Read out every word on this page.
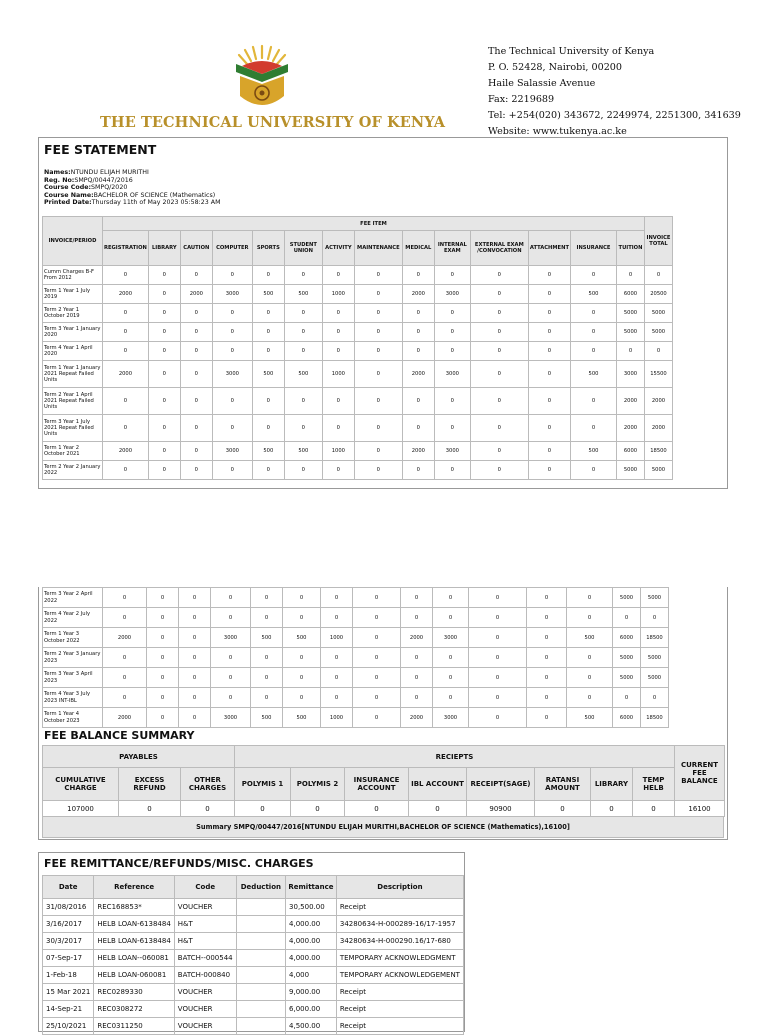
THE TECHNICAL UNIVERSITY OF KENYA
The Technical University of Kenya
P. O. 52428, Nairobi, 00200
Haile Salassie Avenue
Fax: 2219689
Tel: +254(020) 343672, 2249974, 2251300, 341639
Website: www.tukenya.ac.ke
FEE STATEMENT
Names:NTUNDU ELIJAH MURITHI
Reg. No:SMPQ/00447/2016
Course Code:SMPQ/2020
Course Name:BACHELOR OF SCIENCE (Mathematics)
Printed Date:Thursday 11th of May 2023 05:58:23 AM
INVOICE/PERIOD	FEE ITEM														INVOICE TOTAL
	REGISTRATION	LIBRARY	CAUTION	COMPUTER	SPORTS	STUDENT UNION	ACTIVITY	MAINTENANCE	MEDICAL	INTERNAL EXAM	EXTERNAL EXAM /CONVOCATION	ATTACHMENT	INSURANCE	TUITION	
Cumm Charges B-F From 2012	0	0	0	0	0	0	0	0	0	0	0	0	0	0	0
Term 1 Year 1 July 2019	2000	0	2000	3000	500	500	1000	0	2000	3000	0	0	500	6000	20500
Term 2 Year 1 October 2019	0	0	0	0	0	0	0	0	0	0	0	0	0	5000	5000
Term 3 Year 1 January 2020	0	0	0	0	0	0	0	0	0	0	0	0	0	5000	5000
Term 4 Year 1 April 2020	0	0	0	0	0	0	0	0	0	0	0	0	0	0	0
Term 1 Year 1 January 2021 Repeat Failed Units	2000	0	0	3000	500	500	1000	0	2000	3000	0	0	500	3000	15500
Term 2 Year 1 April 2021 Repeat Failed Units	0	0	0	0	0	0	0	0	0	0	0	0	0	2000	2000
Term 3 Year 1 July 2021 Repeat Failed Units	0	0	0	0	0	0	0	0	0	0	0	0	0	2000	2000
Term 1 Year 2 October 2021	2000	0	0	3000	500	500	1000	0	2000	3000	0	0	500	6000	18500
Term 2 Year 2 January 2022	0	0	0	0	0	0	0	0	0	0	0	0	0	5000	5000
Term 3 Year 2 April 2022	0	0	0	0	0	0	0	0	0	0	0	0	0	5000	5000
Term 4 Year 2 July 2022	0	0	0	0	0	0	0	0	0	0	0	0	0	0	0
Term 1 Year 3 October 2022	2000	0	0	3000	500	500	1000	0	2000	3000	0	0	500	6000	18500
Term 2 Year 3 January 2023	0	0	0	0	0	0	0	0	0	0	0	0	0	5000	5000
Term 3 Year 3 April 2023	0	0	0	0	0	0	0	0	0	0	0	0	0	5000	5000
Term 4 Year 3 July 2023 INT-IBL	0	0	0	0	0	0	0	0	0	0	0	0	0	0	0
Term 1 Year 4 October 2023	2000	0	0	3000	500	500	1000	0	2000	3000	0	0	500	6000	18500
FEE BALANCE SUMMARY
PAYABLES			RECIEPTS								CURRENT FEE BALANCE
CUMULATIVE CHARGE	EXCESS REFUND	OTHER CHARGES	POLYMIS 1	POLYMIS 2	INSURANCE ACCOUNT	IBL ACCOUNT	RECEIPT(SAGE)	RATANSI AMOUNT	LIBRARY	TEMP HELB	
107000	0	0	0	0	0	0	90900	0	0	0	16100
Summary SMPQ/00447/2016[NTUNDU ELIJAH MURITHI,BACHELOR OF SCIENCE (Mathematics),16100]
FEE REMITTANCE/REFUNDS/MISC. CHARGES
Date	Reference	Code	Deduction	Remittance	Description
31/08/2016	REC168853*	VOUCHER		30,500.00	Receipt
3/16/2017	HELB LOAN-6138484	H&T		4,000.00	34280634-H-000289-16/17-1957
30/3/2017	HELB LOAN-6138484	H&T		4,000.00	34280634-H-000290.16/17-680
07-Sep-17	HELB LOAN--060081	BATCH--000544		4,000.00	TEMPORARY ACKNOWLEDGMENT
1-Feb-18	HELB LOAN-060081	BATCH-000840		4,000	TEMPORARY ACKNOWLEDGEMENT
15 Mar 2021	REC0289330	VOUCHER		9,000.00	Receipt
14-Sep-21	REC0308272	VOUCHER		6,000.00	Receipt
25/10/2021	REC0311250	VOUCHER		4,500.00	Receipt
